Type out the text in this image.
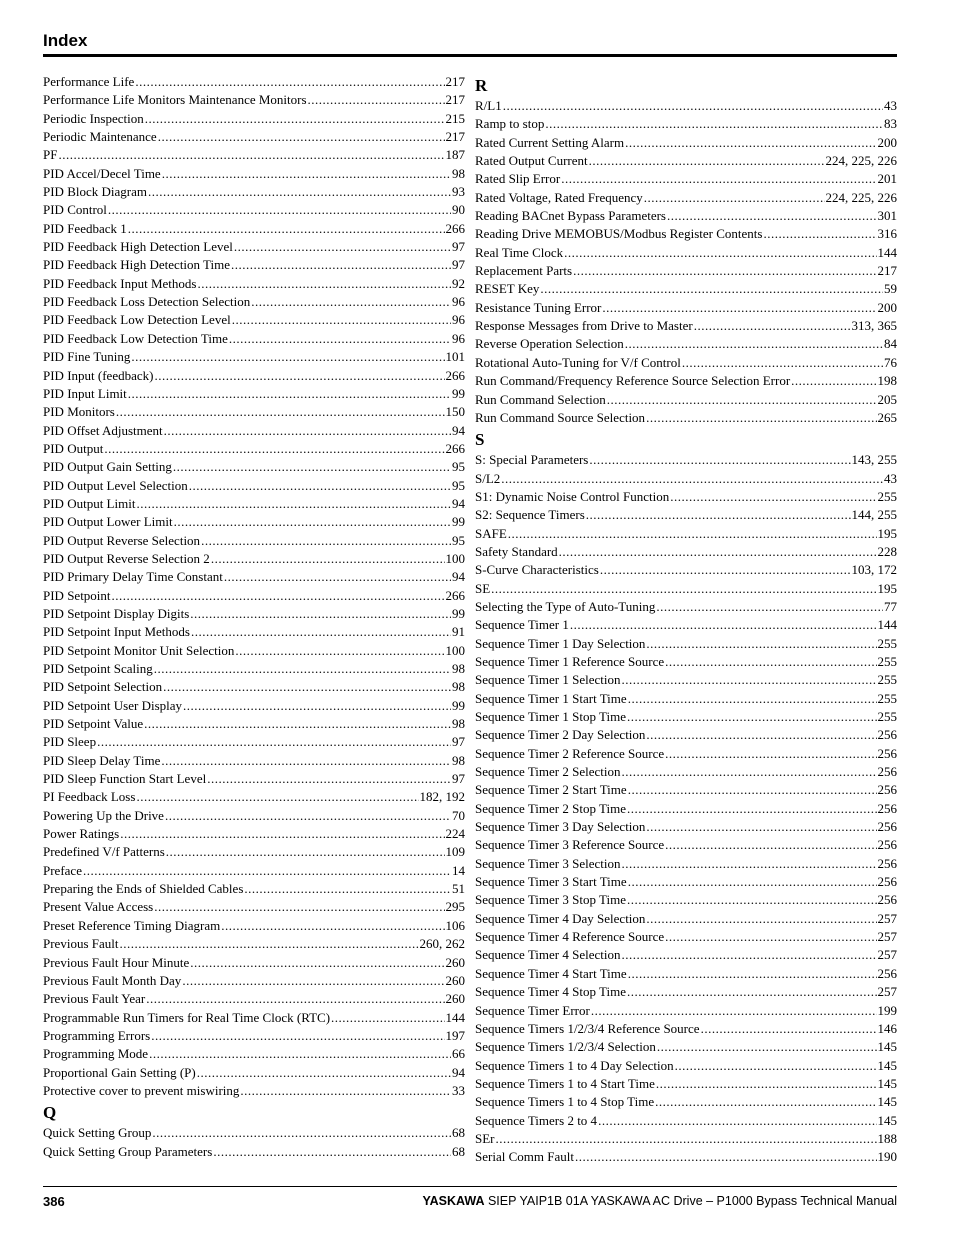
Index
Performance Life .....	217
Performance Life Monitors Maintenance Monitors .....	217
Periodic Inspection .....	215
Periodic Maintenance .....	217
PF .....	187
PID Accel/Decel Time .....	98
PID Block Diagram .....	93
PID Control .....	90
PID Feedback 1 .....	266
PID Feedback High Detection Level .....	97
PID Feedback High Detection Time .....	97
PID Feedback Input Methods .....	92
PID Feedback Loss Detection Selection .....	96
PID Feedback Low Detection Level .....	96
PID Feedback Low Detection Time .....	96
PID Fine Tuning .....	101
PID Input (feedback) .....	266
PID Input Limit .....	99
PID Monitors .....	150
PID Offset Adjustment .....	94
PID Output .....	266
PID Output Gain Setting .....	95
PID Output Level Selection .....	95
PID Output Limit .....	94
PID Output Lower Limit .....	99
PID Output Reverse Selection .....	95
PID Output Reverse Selection 2 .....	100
PID Primary Delay Time Constant .....	94
PID Setpoint .....	266
PID Setpoint Display Digits .....	99
PID Setpoint Input Methods .....	91
PID Setpoint Monitor Unit Selection .....	100
PID Setpoint Scaling .....	98
PID Setpoint Selection .....	98
PID Setpoint User Display .....	99
PID Setpoint Value .....	98
PID Sleep .....	97
PID Sleep Delay Time .....	98
PID Sleep Function Start Level .....	97
PI Feedback Loss .....	182, 192
Powering Up the Drive .....	70
Power Ratings .....	224
Predefined V/f Patterns .....	109
Preface .....	14
Preparing the Ends of Shielded Cables .....	51
Present Value Access .....	295
Preset Reference Timing Diagram .....	106
Previous Fault .....	260, 262
Previous Fault Hour Minute .....	260
Previous Fault Month Day .....	260
Previous Fault Year .....	260
Programmable Run Timers for Real Time Clock (RTC) .....	144
Programming Errors .....	197
Programming Mode .....	66
Proportional Gain Setting (P) .....	94
Protective cover to prevent miswiring .....	33
Q
Quick Setting Group .....	68
Quick Setting Group Parameters .....	68
R
R/L1 .....	43
Ramp to stop .....	83
Rated Current Setting Alarm .....	200
Rated Output Current .....	224, 225, 226
Rated Slip Error .....	201
Rated Voltage, Rated Frequency .....	224, 225, 226
Reading BACnet Bypass Parameters .....	301
Reading Drive MEMOBUS/Modbus Register Contents .....	316
Real Time Clock .....	144
Replacement Parts .....	217
RESET Key .....	59
Resistance Tuning Error .....	200
Response Messages from Drive to Master .....	313, 365
Reverse Operation Selection .....	84
Rotational Auto-Tuning for V/f Control .....	76
Run Command/Frequency Reference Source Selection Error .....	198
Run Command Selection .....	205
Run Command Source Selection .....	265
S
S: Special Parameters .....	143, 255
S/L2 .....	43
S1: Dynamic Noise Control Function .....	255
S2: Sequence Timers .....	144, 255
SAFE .....	195
Safety Standard .....	228
S-Curve Characteristics .....	103, 172
SE .....	195
Selecting the Type of Auto-Tuning .....	77
Sequence Timer 1 .....	144
Sequence Timer 1 Day Selection .....	255
Sequence Timer 1 Reference Source .....	255
Sequence Timer 1 Selection .....	255
Sequence Timer 1 Start Time .....	255
Sequence Timer 1 Stop Time .....	255
Sequence Timer 2 Day Selection .....	256
Sequence Timer 2 Reference Source .....	256
Sequence Timer 2 Selection .....	256
Sequence Timer 2 Start Time .....	256
Sequence Timer 2 Stop Time .....	256
Sequence Timer 3 Day Selection .....	256
Sequence Timer 3 Reference Source .....	256
Sequence Timer 3 Selection .....	256
Sequence Timer 3 Start Time .....	256
Sequence Timer 3 Stop Time .....	256
Sequence Timer 4 Day Selection .....	257
Sequence Timer 4 Reference Source .....	257
Sequence Timer 4 Selection .....	257
Sequence Timer 4 Start Time .....	256
Sequence Timer 4 Stop Time .....	257
Sequence Timer Error .....	199
Sequence Timers 1/2/3/4 Reference Source .....	146
Sequence Timers 1/2/3/4 Selection .....	145
Sequence Timers 1 to 4 Day Selection .....	145
Sequence Timers 1 to 4 Start Time .....	145
Sequence Timers 1 to 4 Stop Time .....	145
Sequence Timers 2 to 4 .....	145
SEr .....	188
Serial Comm Fault .....	190
386	YASKAWA SIEP YAIP1B 01A YASKAWA AC Drive – P1000 Bypass Technical Manual
